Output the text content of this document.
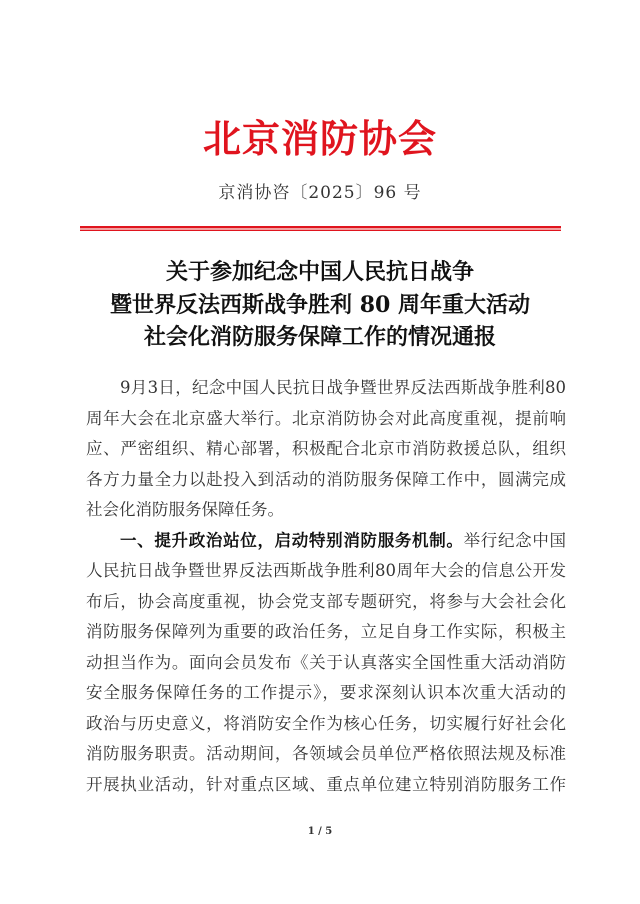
北京消防协会
京消协咨〔2025〕96 号
关于参加纪念中国人民抗日战争
暨世界反法西斯战争胜利 80 周年重大活动
社会化消防服务保障工作的情况通报
9月3日，纪念中国人民抗日战争暨世界反法西斯战争胜利80
周年大会在北京盛大举行。北京消防协会对此高度重视，提前响
应、严密组织、精心部署，积极配合北京市消防救援总队，组织
各方力量全力以赴投入到活动的消防服务保障工作中，圆满完成
社会化消防服务保障任务。
一、提升政治站位，启动特别消防服务机制。举行纪念中国
人民抗日战争暨世界反法西斯战争胜利80周年大会的信息公开发
布后，协会高度重视，协会党支部专题研究，将参与大会社会化
消防服务保障列为重要的政治任务，立足自身工作实际，积极主
动担当作为。面向会员发布《关于认真落实全国性重大活动消防
安全服务保障任务的工作提示》，要求深刻认识本次重大活动的
政治与历史意义，将消防安全作为核心任务，切实履行好社会化
消防服务职责。活动期间，各领域会员单位严格依照法规及标准
开展执业活动，针对重点区域、重点单位建立特别消防服务工作
1 / 5
